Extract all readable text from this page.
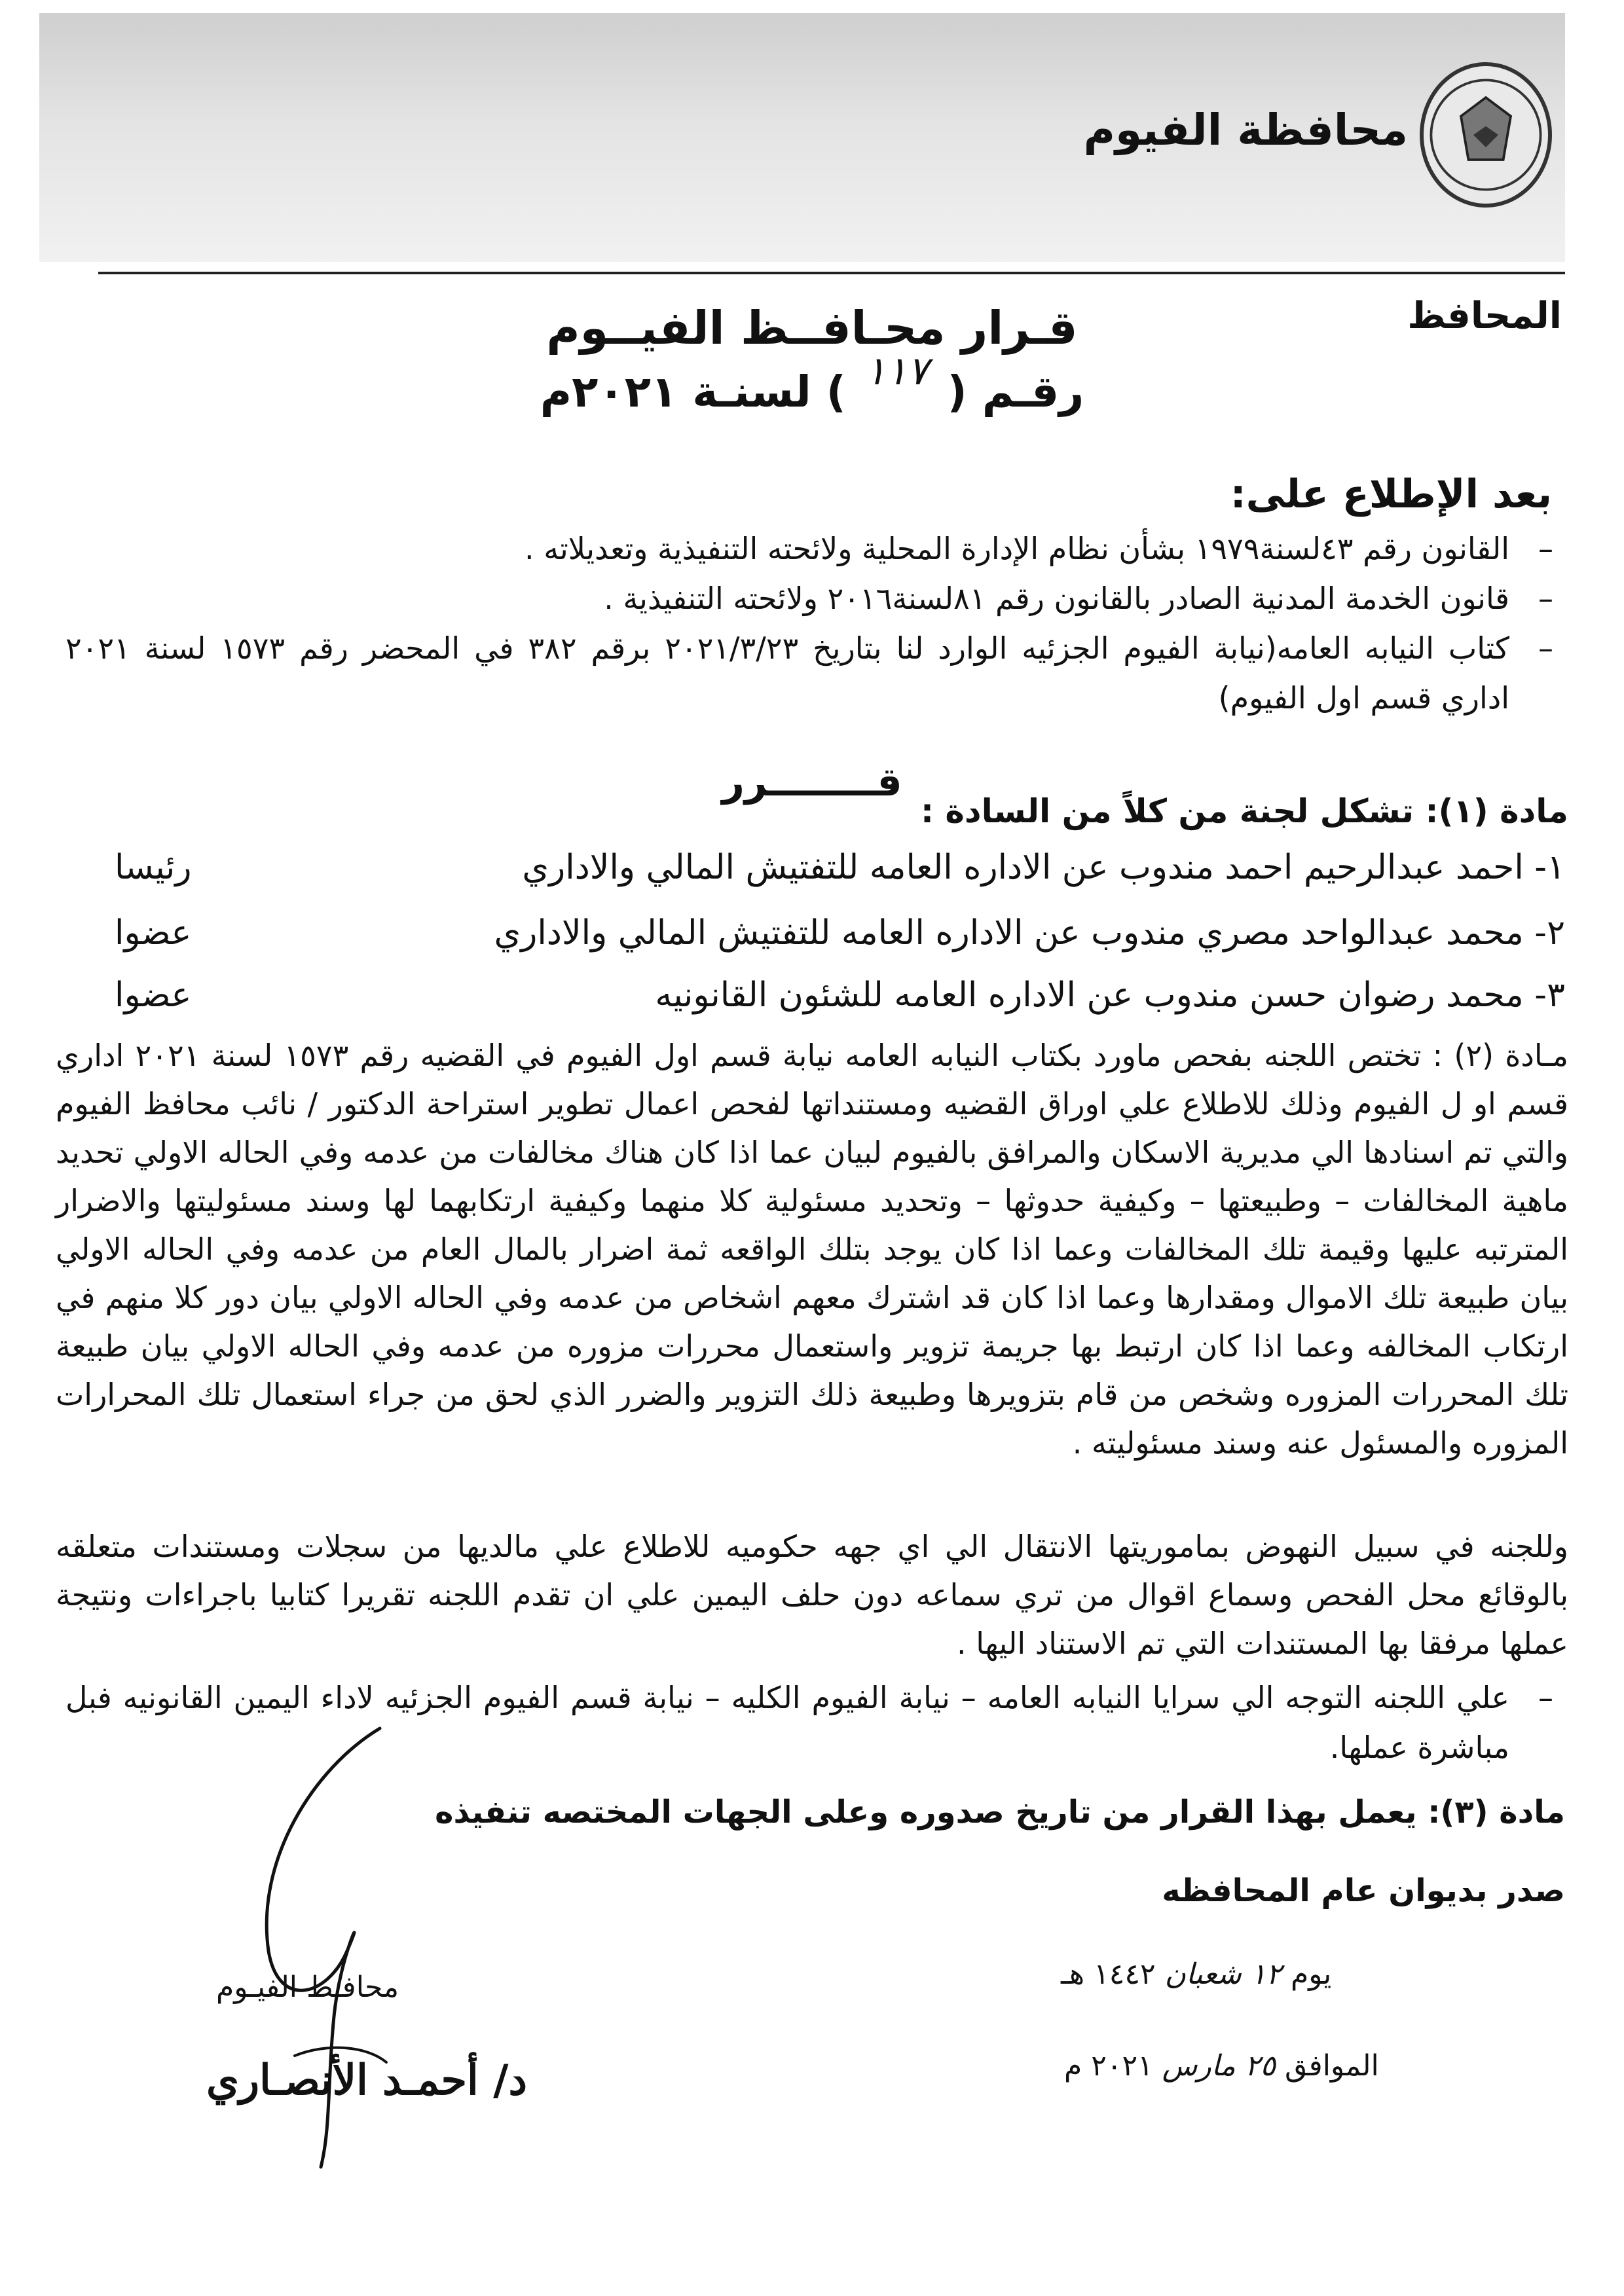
محافظة الفيوم
المحافظ
قـرار محـافــظ الفيــوم
رقـم ( ١١٧ ) لسنـة ٢٠٢١م
بعد الإطلاع على:
– القانون رقم ٤٣لسنة١٩٧٩ بشأن نظام الإدارة المحلية ولائحته التنفيذية وتعديلاته .
– قانون الخدمة المدنية الصادر بالقانون رقم ٨١لسنة٢٠١٦ ولائحته التنفيذية .
– كتاب النيابه العامه(نيابة الفيوم الجزئيه الوارد لنا بتاريخ ٢٠٢١/٣/٢٣ برقم ٣٨٢ في المحضر رقم ١٥٧٣ لسنة ٢٠٢١ اداري قسم اول الفيوم)
قــــــــرر
مادة (١): تشكل لجنة من كلاً من السادة :
١- احمد عبدالرحيم احمد مندوب عن الاداره العامه للتفتيش المالي والاداري
رئيسا
٢- محمد عبدالواحد مصري مندوب عن الاداره العامه للتفتيش المالي والاداري
عضوا
٣- محمد رضوان حسن مندوب عن الاداره العامه للشئون القانونيه
عضوا
مـادة (٢) : تختص اللجنه بفحص ماورد بكتاب النيابه العامه نيابة قسم اول الفيوم في القضيه رقم ١٥٧٣ لسنة ٢٠٢١ اداري قسم او ل الفيوم وذلك للاطلاع علي اوراق القضيه ومستنداتها لفحص اعمال تطوير استراحة الدكتور / نائب محافظ الفيوم والتي تم اسنادها الي مديرية الاسكان والمرافق بالفيوم لبيان عما اذا كان هناك مخالفات من عدمه وفي الحاله الاولي تحديد ماهية المخالفات – وطبيعتها – وكيفية حدوثها – وتحديد مسئولية كلا منهما وكيفية ارتكابهما لها وسند مسئوليتها والاضرار المترتبه عليها وقيمة تلك المخالفات وعما اذا كان يوجد بتلك الواقعه ثمة اضرار بالمال العام من عدمه وفي الحاله الاولي بيان طبيعة تلك الاموال ومقدارها وعما اذا كان قد اشترك معهم اشخاص من عدمه وفي الحاله الاولي بيان دور كلا منهم في ارتكاب المخالفه وعما اذا كان ارتبط بها جريمة تزوير واستعمال محررات مزوره من عدمه وفي الحاله الاولي بيان طبيعة تلك المحررات المزوره وشخص من قام بتزويرها وطبيعة ذلك التزوير والضرر الذي لحق من جراء استعمال تلك المحرارات المزوره والمسئول عنه وسند مسئوليته .
وللجنه في سبيل النهوض بماموريتها الانتقال الي اي جهه حكوميه للاطلاع علي مالديها من سجلات ومستندات متعلقه بالوقائع محل الفحص وسماع اقوال من تري سماعه دون حلف اليمين علي ان تقدم اللجنه تقريرا كتابيا باجراءات ونتيجة عملها مرفقا بها المستندات التي تم الاستناد اليها .
– علي اللجنه التوجه الي سرايا النيابه العامه – نيابة الفيوم الكليه – نيابة قسم الفيوم الجزئيه لاداء اليمين القانونيه فبل مباشرة عملها.
مادة (٣): يعمل بهذا القرار من تاريخ صدوره وعلى الجهات المختصه تنفيذه
صدر بديوان عام المحافظه
يوم ١٢ شعبان ١٤٤٢ هـ
الموافق ٢٥ مارس ٢٠٢١ م
محافـظ الفيـوم
د/ أحمـد الأنصـاري
